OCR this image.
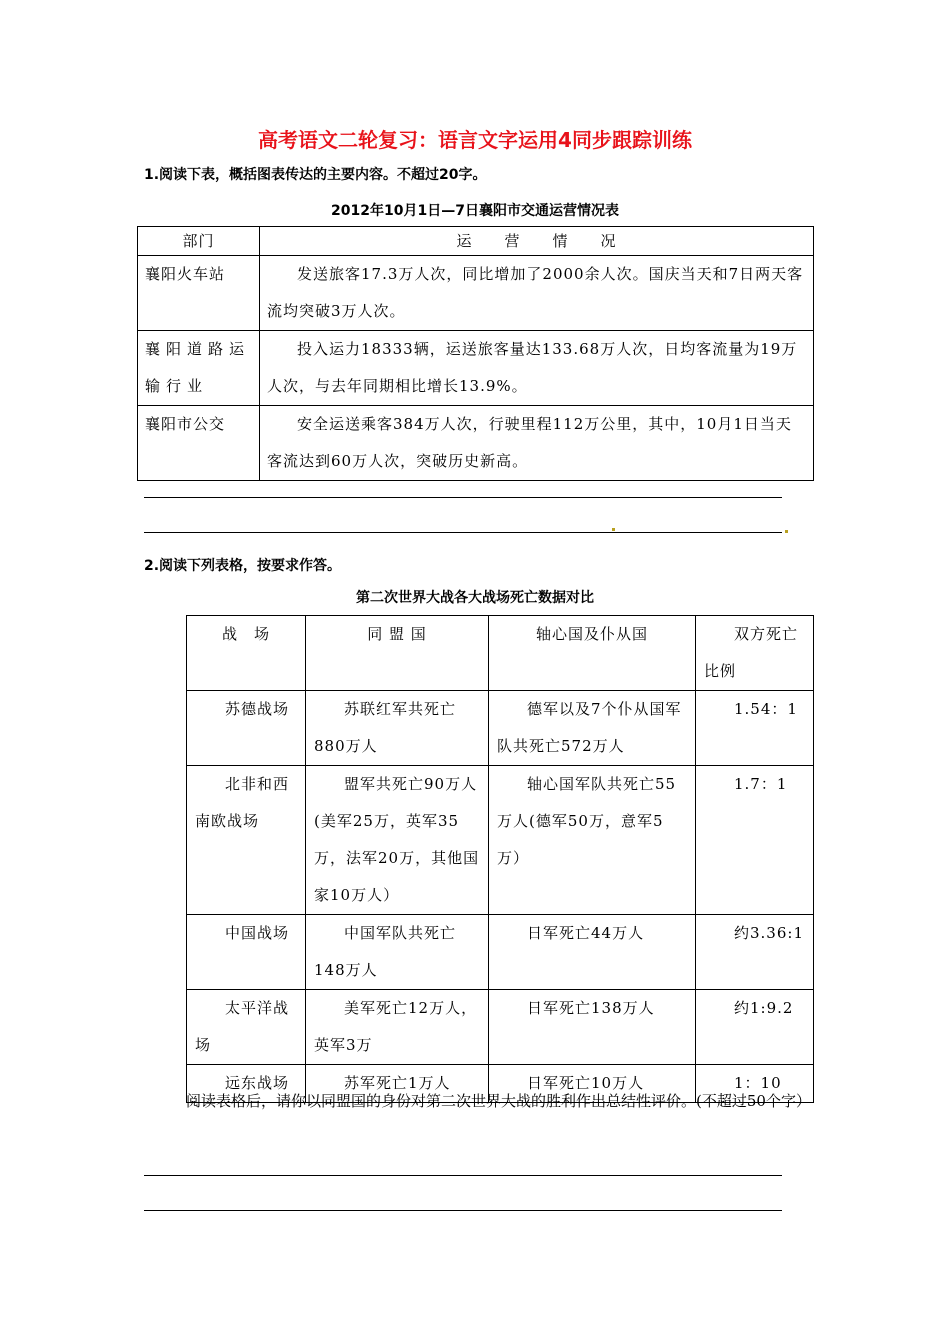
高考语文二轮复习：语言文字运用4同步跟踪训练
1.阅读下表，概括图表传达的主要内容。不超过20字。
2012年10月1日—7日襄阳市交通运营情况表
部门	运　　营　　情　　况
襄阳火车站	发送旅客17.3万人次，同比增加了2000余人次。国庆当天和7日两天客流均突破3万人次。
襄阳道路运输行业	投入运力18333辆，运送旅客量达133.68万人次，日均客流量为19万人次，与去年同期相比增长13.9%。
襄阳市公交	安全运送乘客384万人次，行驶里程112万公里，其中，10月1日当天客流达到60万人次，突破历史新高。
2.阅读下列表格，按要求作答。
第二次世界大战各大战场死亡数据对比
战　场	同 盟 国	轴心国及仆从国	双方死亡比例
苏德战场	苏联红军共死亡880万人	德军以及7个仆从国军队共死亡572万人	1.54：1
北非和西南欧战场	盟军共死亡90万人(美军25万，英军35万，法军20万，其他国家10万人）	轴心国军队共死亡55万人(德军50万，意军5万）	1.7：1
中国战场	中国军队共死亡148万人	日军死亡44万人	约3.36:1
太平洋战场	美军死亡12万人，英军3万	日军死亡138万人	约1:9.2
远东战场	苏军死亡1万人	日军死亡10万人	1：10
阅读表格后，请你以同盟国的身份对第二次世界大战的胜利作出总结性评价。(不超过50个字）
